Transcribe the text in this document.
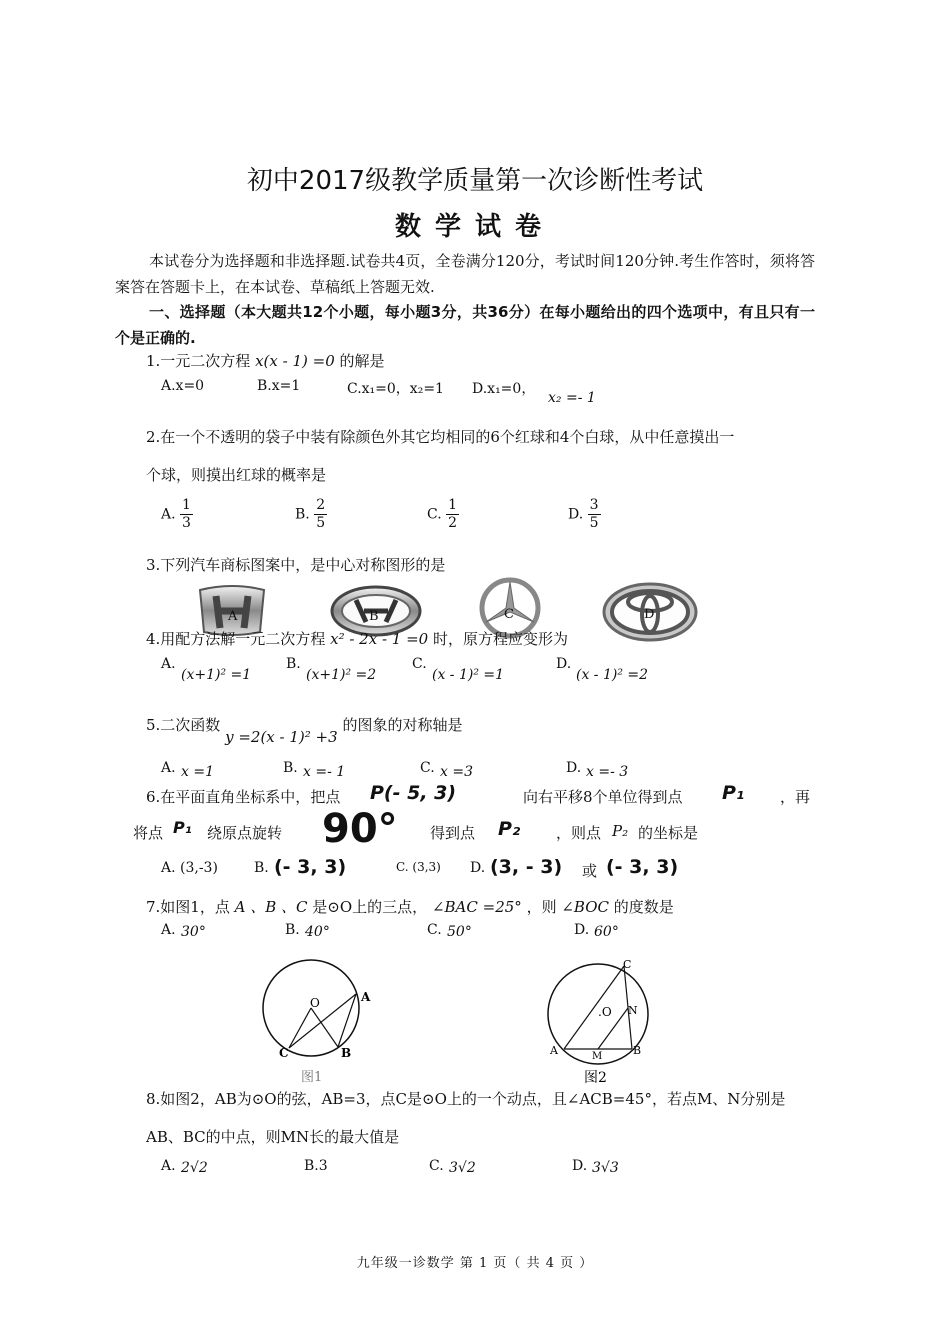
初中2017级教学质量第一次诊断性考试
数学试卷
本试卷分为选择题和非选择题.试卷共4页，全卷满分120分，考试时间120分钟.考生作答时，须将答案答在答题卡上，在本试卷、草稿纸上答题无效.
一、选择题（本大题共12个小题，每小题3分，共36分）在每小题给出的四个选项中，有且只有一个是正确的.
1.一元二次方程 x(x - 1) =0 的解是
A.x=0	B.x=1	C.x₁=0，x₂=1 D.x₁=0，
x₂ =- 1
2.在一个不透明的袋子中装有除颜色外其它均相同的6个红球和4个白球，从中任意摸出一
个球，则摸出红球的概率是
A. $\frac{1}{3}$	B. $\frac{2}{5}$	C. $\frac{1}{2}$	D. $\frac{3}{5}$
3.下列汽车商标图案中，是中心对称图形的是
A	B	C	D
4.用配方法解一元二次方程 x² - 2x - 1 =0 时，原方程应变形为
A.
(x+1)² =1
B.
(x+1)² =2
C.
(x - 1)² =1
D.
(x - 1)² =2
5.二次函数 y =2(x - 1)² +3 的图象的对称轴是
A. x =1	B. x =- 1	C. x =3	D. x =- 3
6.在平面直角坐标系中，把点 P(- 5, 3)	向右平移8个单位得到点 P₁ ，再
将点 P₁ 绕原点旋转 90° 得到点 P₂ ，则点 P₂ 的坐标是
A. (3,-3)	B. (- 3, 3)	C. (3,3) D. (3, - 3) 或 (- 3, 3)
7.如图1，点 A 、B 、C 是⊙O上的三点， ∠BAC =25° ，则 ∠BOC 的度数是
A. 30°	B. 40°	C. 50°	D. 60°
O	A
B
C
图1
.O
A	B
C
M
N
图2
8.如图2，AB为⊙O的弦，AB=3，点C是⊙O上的一个动点，且∠ACB=45°，若点M、N分别是
AB、BC的中点，则MN长的最大值是
A. 2√2	B.3	C. 3√2	D. 3√3
九年级一诊数学 第 1 页（ 共 4 页 ）
